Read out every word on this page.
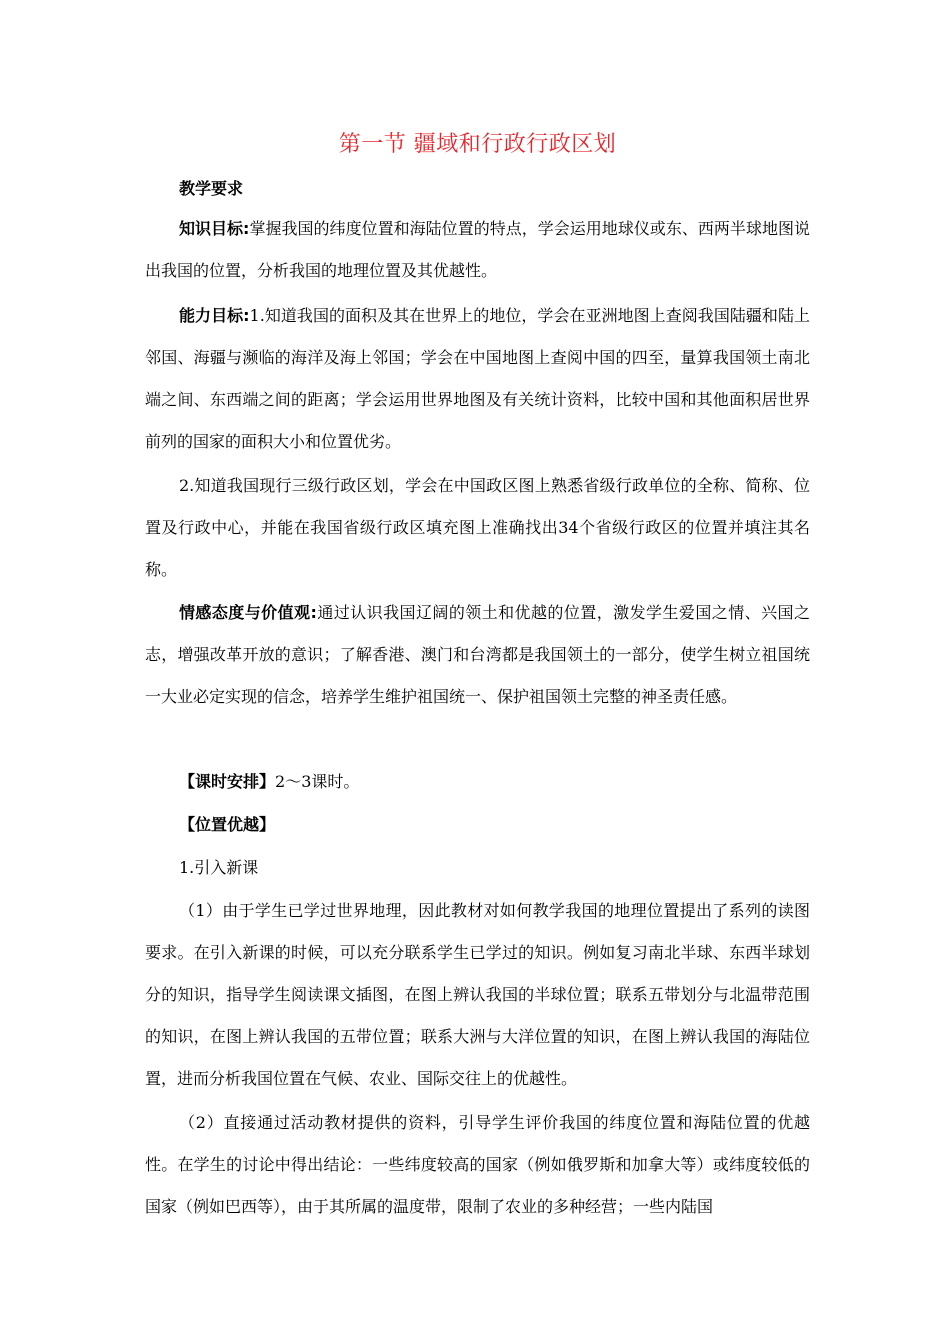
第一节 疆域和行政行政区划
教学要求

知识目标:掌握我国的纬度位置和海陆位置的特点，学会运用地球仪或东、西两半球地图说出我国的位置，分析我国的地理位置及其优越性。

能力目标:1.知道我国的面积及其在世界上的地位，学会在亚洲地图上查阅我国陆疆和陆上邻国、海疆与濒临的海洋及海上邻国；学会在中国地图上查阅中国的四至，量算我国领土南北端之间、东西端之间的距离；学会运用世界地图及有关统计资料，比较中国和其他面积居世界前列的国家的面积大小和位置优劣。

2.知道我国现行三级行政区划，学会在中国政区图上熟悉省级行政单位的全称、简称、位置及行政中心，并能在我国省级行政区填充图上准确找出34个省级行政区的位置并填注其名称。

情感态度与价值观:通过认识我国辽阔的领土和优越的位置，激发学生爱国之情、兴国之志，增强改革开放的意识；了解香港、澳门和台湾都是我国领土的一部分，使学生树立祖国统一大业必定实现的信念，培养学生维护祖国统一、保护祖国领土完整的神圣责任感。

【课时安排】2～3课时。
【位置优越】
1.引入新课

（1）由于学生已学过世界地理，因此教材对如何教学我国的地理位置提出了系列的读图要求。在引入新课的时候，可以充分联系学生已学过的知识。例如复习南北半球、东西半球划分的知识，指导学生阅读课文插图，在图上辨认我国的半球位置；联系五带划分与北温带范围的知识，在图上辨认我国的五带位置；联系大洲与大洋位置的知识，在图上辨认我国的海陆位置，进而分析我国位置在气候、农业、国际交往上的优越性。

（2）直接通过活动教材提供的资料，引导学生评价我国的纬度位置和海陆位置的优越性。在学生的讨论中得出结论：一些纬度较高的国家（例如俄罗斯和加拿大等）或纬度较低的国家（例如巴西等），由于其所属的温度带，限制了农业的多种经营；一些内陆国
